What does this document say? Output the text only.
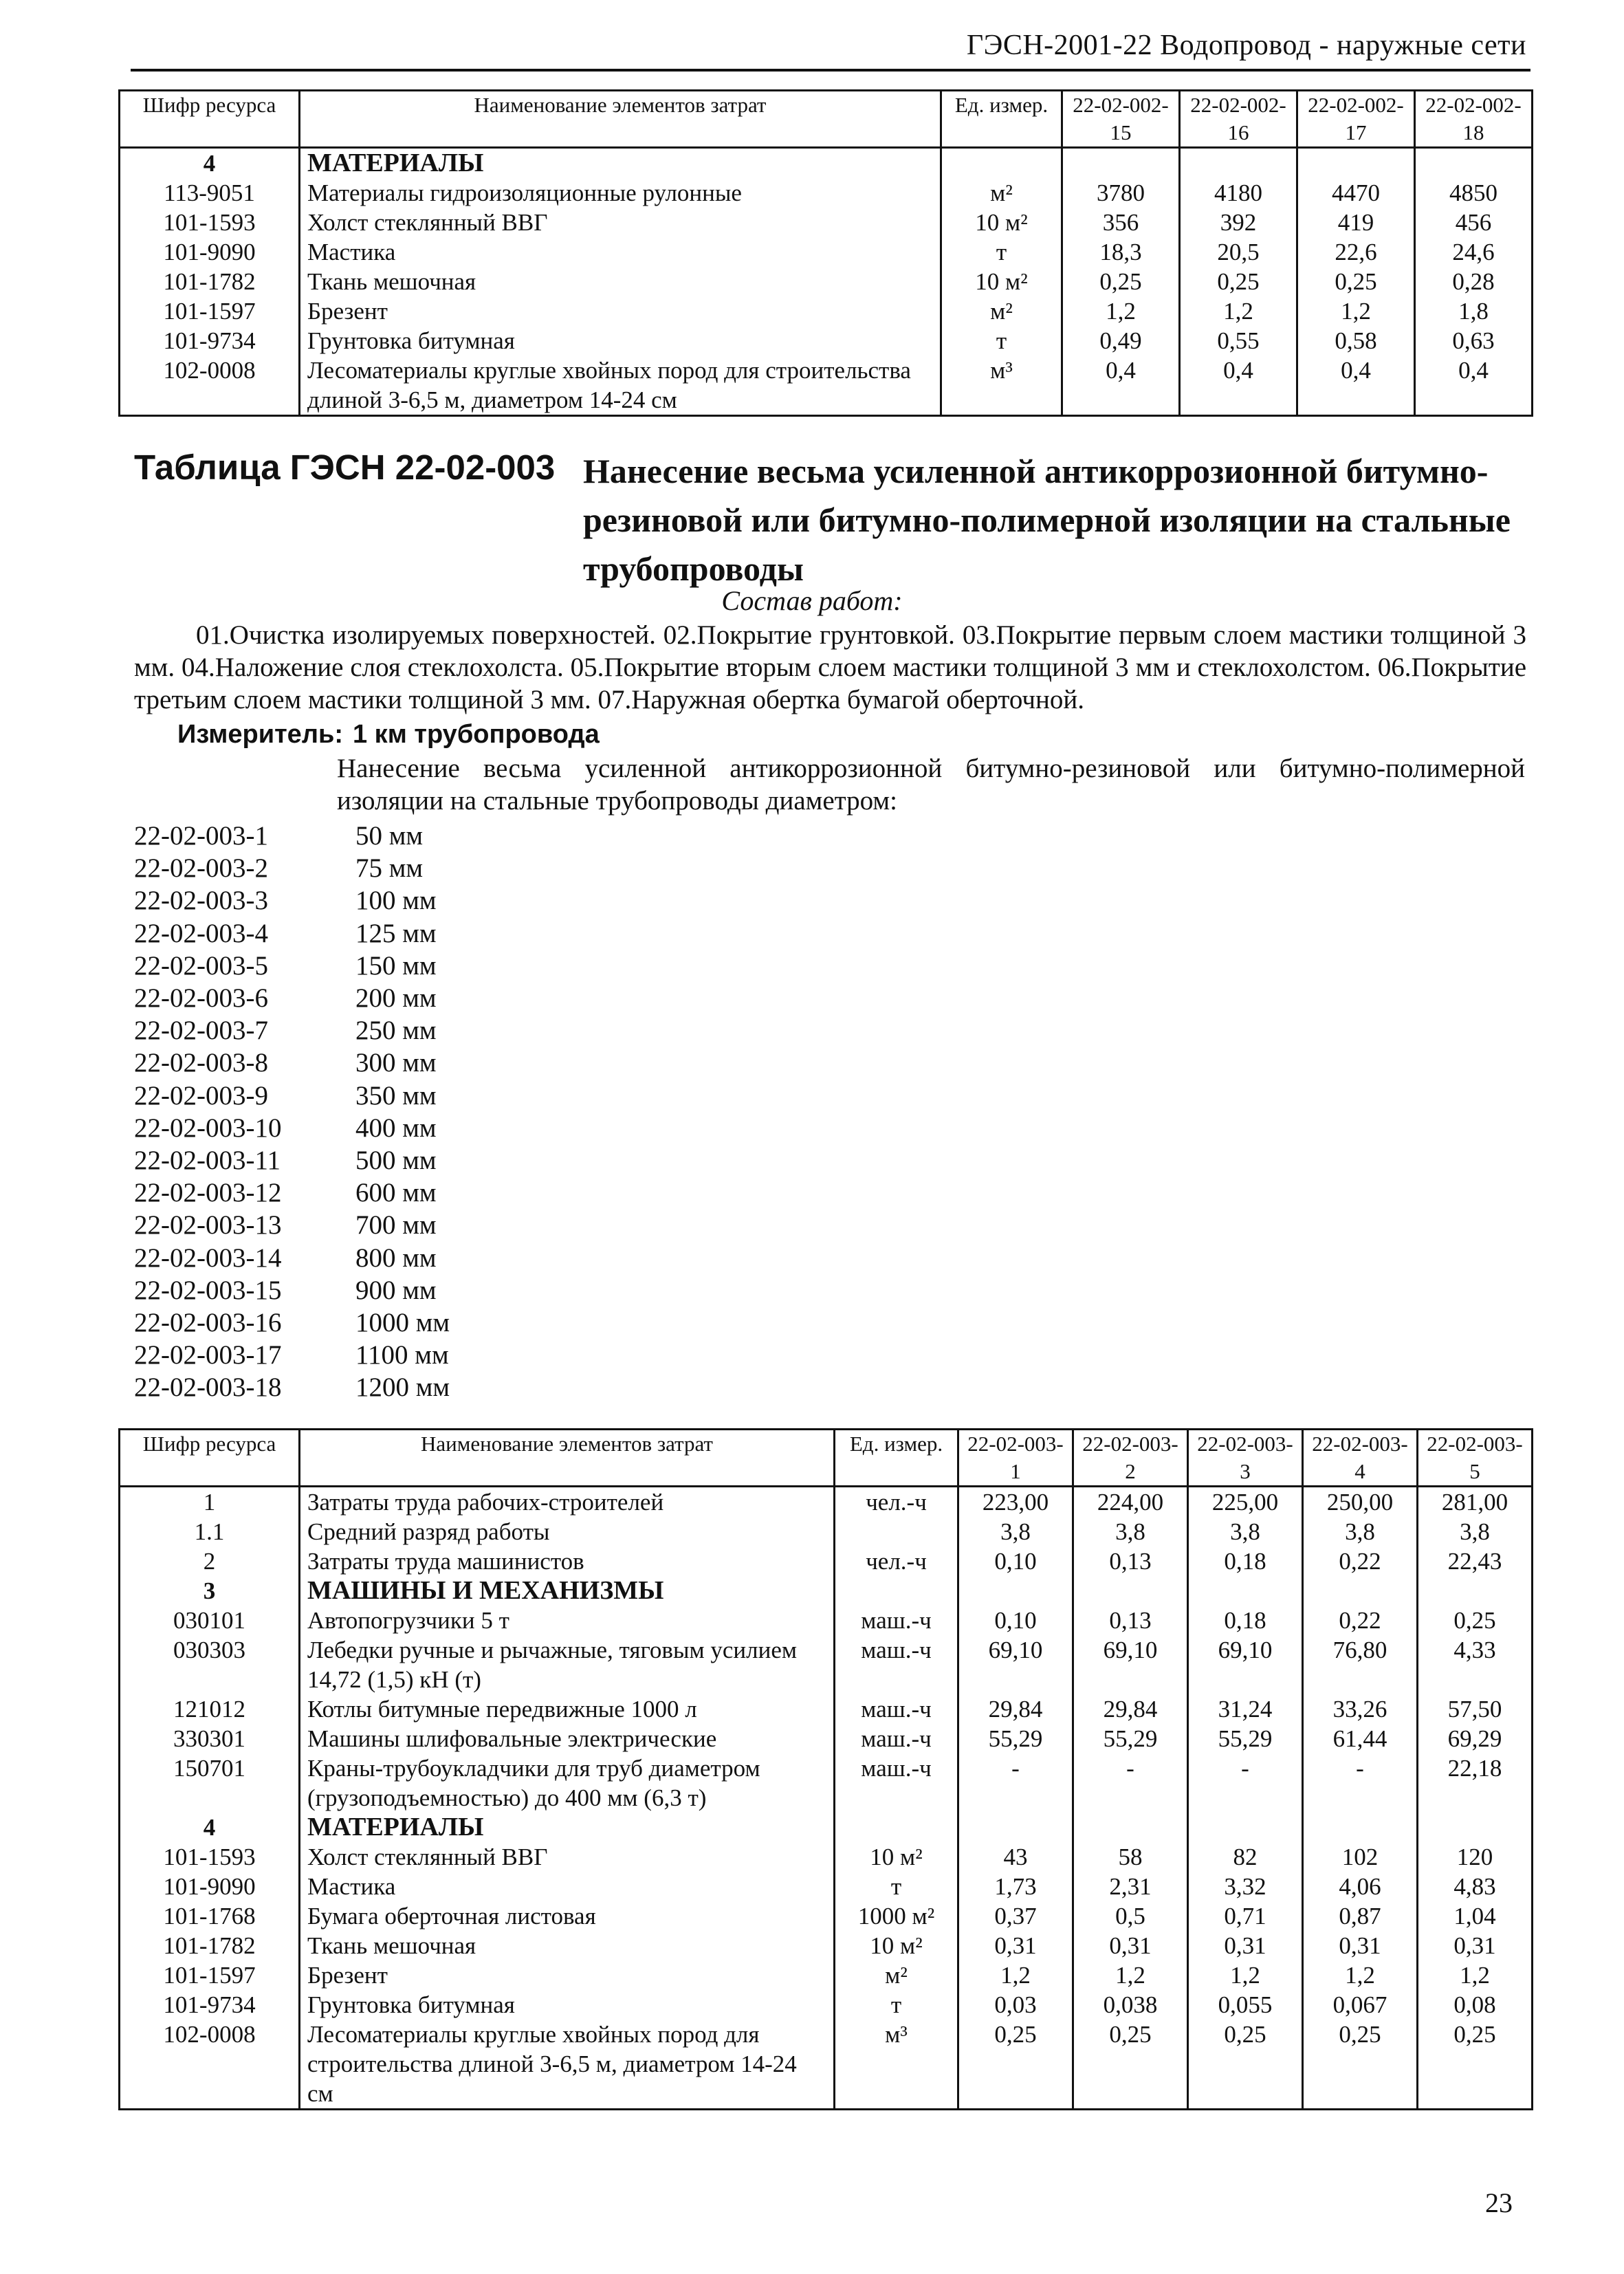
ГЭСН-2001-22 Водопровод - наружные сети
Шифр ресурса	Наименование элементов затрат	Ед. измер.	22-02-002-15	22-02-002-16	22-02-002-17	22-02-002-18
4	МАТЕРИАЛЫ					
113-9051	Материалы гидроизоляционные рулонные	м²	3780	4180	4470	4850
101-1593	Холст стеклянный ВВГ	10 м²	356	392	419	456
101-9090	Мастика	т	18,3	20,5	22,6	24,6
101-1782	Ткань мешочная	10 м²	0,25	0,25	0,25	0,28
101-1597	Брезент	м²	1,2	1,2	1,2	1,8
101-9734	Грунтовка битумная	т	0,49	0,55	0,58	0,63
102-0008	Лесоматериалы круглые хвойных пород для строительства длиной 3-6,5 м, диаметром 14-24 см	м³	0,4	0,4	0,4	0,4
Таблица ГЭСН 22-02-003 Нанесение весьма усиленной антикоррозионной битумно-резиновой или битумно-полимерной изоляции на стальные трубопроводы
Состав работ:
01.Очистка изолируемых поверхностей. 02.Покрытие грунтовкой. 03.Покрытие первым слоем мастики толщиной 3 мм. 04.Наложение слоя стеклохолста. 05.Покрытие вторым слоем мастики толщиной 3 мм и стеклохолстом. 06.Покрытие третьим слоем мастики толщиной 3 мм. 07.Наружная обертка бумагой оберточной.
Измеритель: 1 км трубопровода
Нанесение весьма усиленной антикоррозионной битумно-резиновой или битумно-полимерной изоляции на стальные трубопроводы диаметром:
22-02-003-1	50 мм
22-02-003-2	75 мм
22-02-003-3	100 мм
22-02-003-4	125 мм
22-02-003-5	150 мм
22-02-003-6	200 мм
22-02-003-7	250 мм
22-02-003-8	300 мм
22-02-003-9	350 мм
22-02-003-10	400 мм
22-02-003-11	500 мм
22-02-003-12	600 мм
22-02-003-13	700 мм
22-02-003-14	800 мм
22-02-003-15	900 мм
22-02-003-16	1000 мм
22-02-003-17	1100 мм
22-02-003-18	1200 мм
Шифр ресурса	Наименование элементов затрат	Ед. измер.	22-02-003-1	22-02-003-2	22-02-003-3	22-02-003-4	22-02-003-5
1	Затраты труда рабочих-строителей	чел.-ч	223,00	224,00	225,00	250,00	281,00
1.1	Средний разряд работы		3,8	3,8	3,8	3,8	3,8
2	Затраты труда машинистов	чел.-ч	0,10	0,13	0,18	0,22	22,43
3	МАШИНЫ И МЕХАНИЗМЫ						
030101	Автопогрузчики 5 т	маш.-ч	0,10	0,13	0,18	0,22	0,25
030303	Лебедки ручные и рычажные, тяговым усилием 14,72 (1,5) кН (т)	маш.-ч	69,10	69,10	69,10	76,80	4,33
121012	Котлы битумные передвижные 1000 л	маш.-ч	29,84	29,84	31,24	33,26	57,50
330301	Машины шлифовальные электрические	маш.-ч	55,29	55,29	55,29	61,44	69,29
150701	Краны-трубоукладчики для труб диаметром (грузоподъемностью) до 400 мм (6,3 т)	маш.-ч	-	-	-	-	22,18
4	МАТЕРИАЛЫ						
101-1593	Холст стеклянный ВВГ	10 м²	43	58	82	102	120
101-9090	Мастика	т	1,73	2,31	3,32	4,06	4,83
101-1768	Бумага оберточная листовая	1000 м²	0,37	0,5	0,71	0,87	1,04
101-1782	Ткань мешочная	10 м²	0,31	0,31	0,31	0,31	0,31
101-1597	Брезент	м²	1,2	1,2	1,2	1,2	1,2
101-9734	Грунтовка битумная	т	0,03	0,038	0,055	0,067	0,08
102-0008	Лесоматериалы круглые хвойных пород для строительства длиной 3-6,5 м, диаметром 14-24 см	м³	0,25	0,25	0,25	0,25	0,25
23
